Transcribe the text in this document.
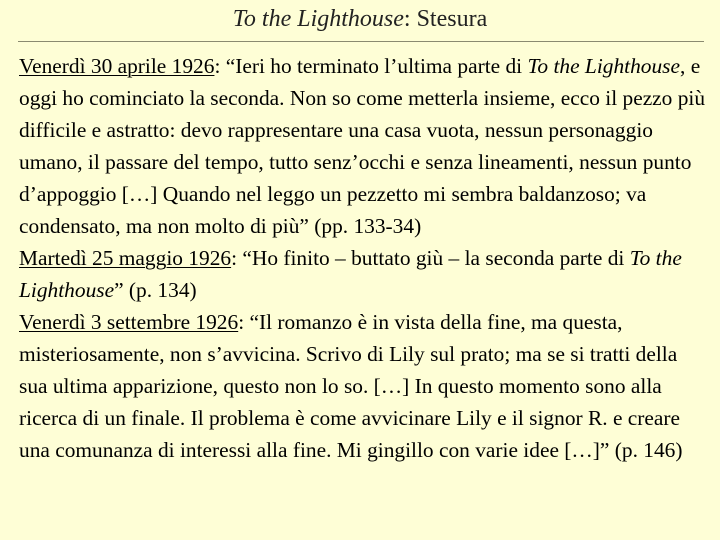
To the Lighthouse: Stesura

Venerdì 30 aprile 1926: “Ieri ho terminato l’ultima parte di To the Lighthouse, e oggi ho cominciato la seconda. Non so come metterla insieme, ecco il pezzo più difficile e astratto: devo rappresentare una casa vuota, nessun personaggio umano, il passare del tempo, tutto senz’occhi e senza lineamenti, nessun punto d’appoggio […] Quando nel leggo un pezzetto mi sembra baldanzoso; va condensato, ma non molto di più” (pp. 133-34)

Martedì 25 maggio 1926: “Ho finito – buttato giù – la seconda parte di To the Lighthouse” (p. 134)

Venerdì 3 settembre 1926: “Il romanzo è in vista della fine, ma questa, misteriosamente, non s’avvicina. Scrivo di Lily sul prato; ma se si tratti della sua ultima apparizione, questo non lo so. […] In questo momento sono alla ricerca di un finale. Il problema è come avvicinare Lily e il signor R. e creare una comunanza di interessi alla fine. Mi gingillo con varie idee […]” (p. 146)
